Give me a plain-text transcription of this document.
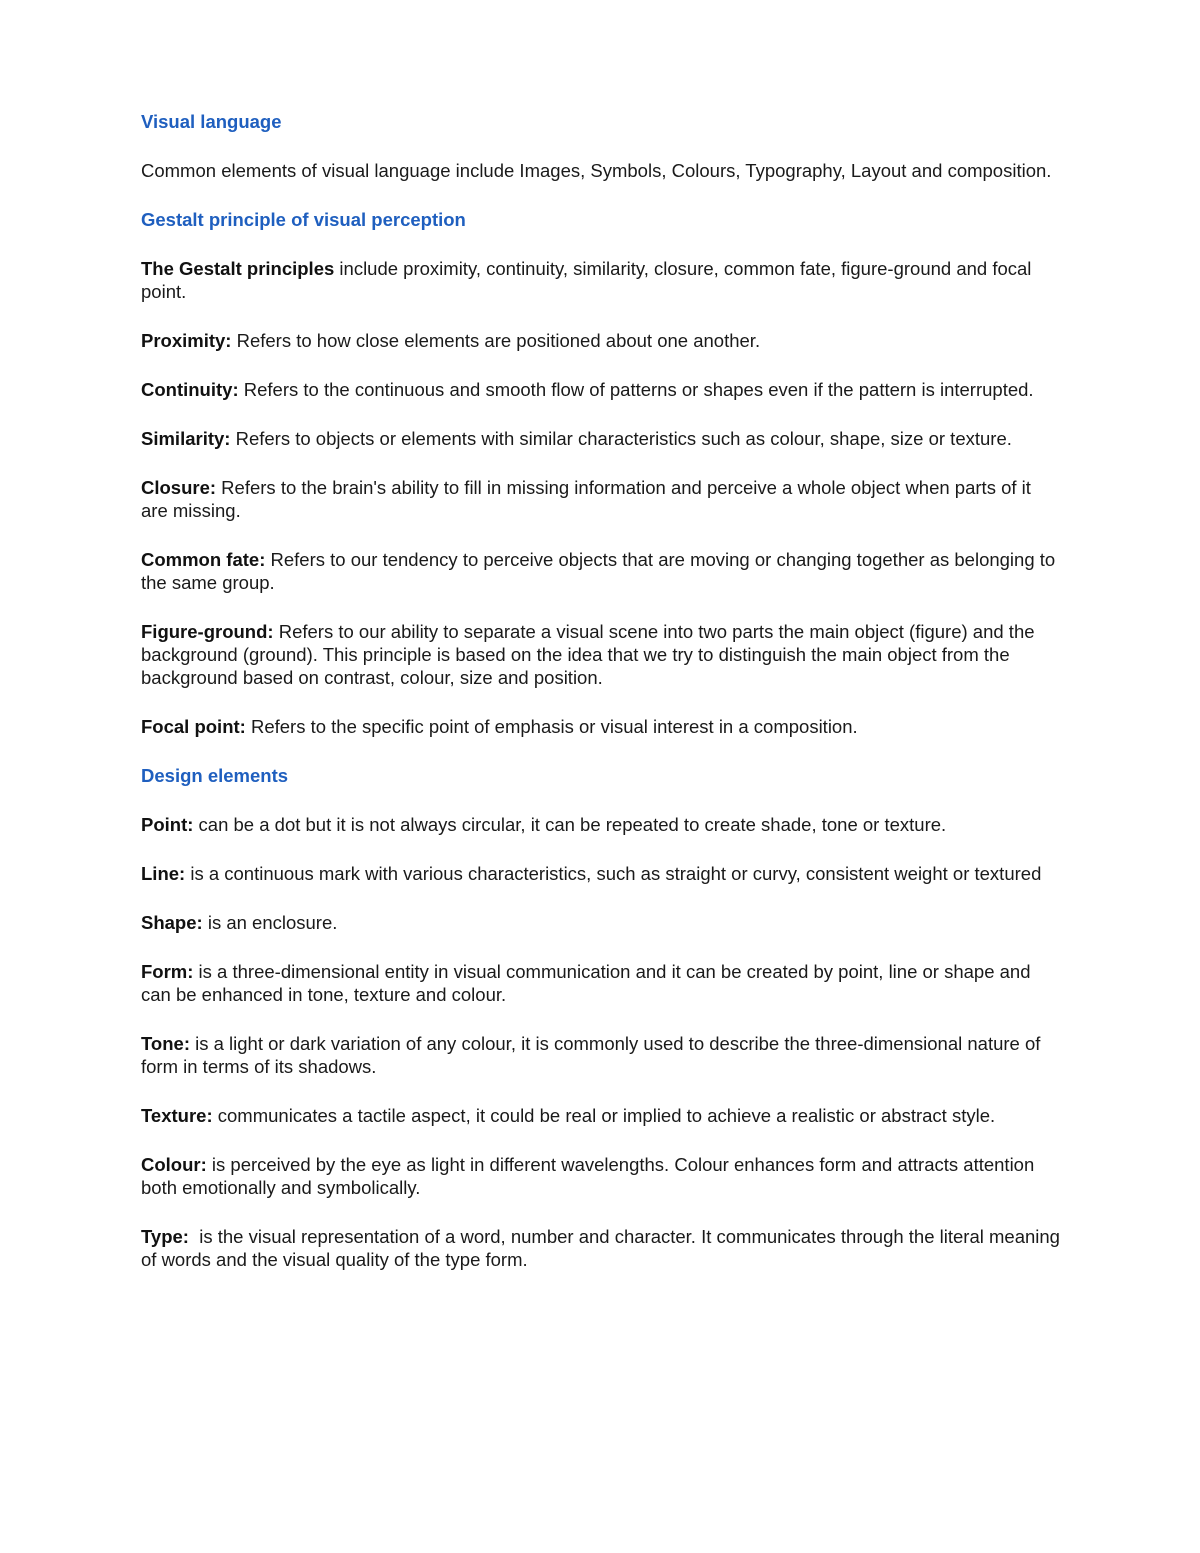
Visual language
Common elements of visual language include Images, Symbols, Colours, Typography, Layout and composition.
Gestalt principle of visual perception
The Gestalt principles include proximity, continuity, similarity, closure, common fate, figure-ground and focal point.
Proximity: Refers to how close elements are positioned about one another.
Continuity: Refers to the continuous and smooth flow of patterns or shapes even if the pattern is interrupted.
Similarity: Refers to objects or elements with similar characteristics such as colour, shape, size or texture.
Closure: Refers to the brain's ability to fill in missing information and perceive a whole object when parts of it are missing.
Common fate: Refers to our tendency to perceive objects that are moving or changing together as belonging to the same group.
Figure-ground: Refers to our ability to separate a visual scene into two parts the main object (figure) and the background (ground). This principle is based on the idea that we try to distinguish the main object from the background based on contrast, colour, size and position.
Focal point: Refers to the specific point of emphasis or visual interest in a composition.
Design elements
Point: can be a dot but it is not always circular, it can be repeated to create shade, tone or texture.
Line: is a continuous mark with various characteristics, such as straight or curvy, consistent weight or textured
Shape: is an enclosure.
Form: is a three-dimensional entity in visual communication and it can be created by point, line or shape and can be enhanced in tone, texture and colour.
Tone: is a light or dark variation of any colour, it is commonly used to describe the three-dimensional nature of form in terms of its shadows.
Texture: communicates a tactile aspect, it could be real or implied to achieve a realistic or abstract style.
Colour: is perceived by the eye as light in different wavelengths. Colour enhances form and attracts attention both emotionally and symbolically.
Type:  is the visual representation of a word, number and character. It communicates through the literal meaning of words and the visual quality of the type form.
